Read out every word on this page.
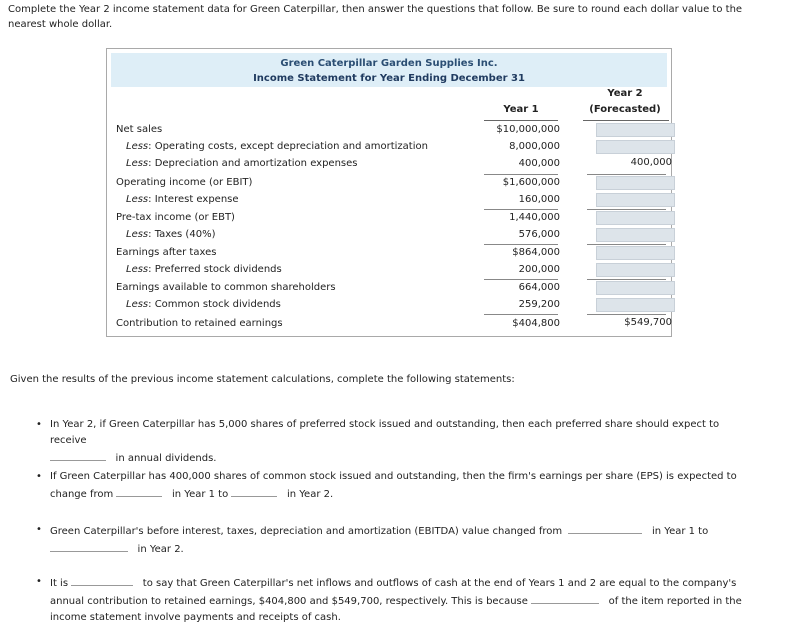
Complete the Year 2 income statement data for Green Caterpillar, then answer the questions that follow. Be sure to round each dollar value to the nearest whole dollar.
Green Caterpillar Garden Supplies Inc.
Income Statement for Year Ending December 31
Year 1
Year 2
(Forecasted)
Net sales	$10,000,000
Less: Operating costs, except depreciation and amortization	8,000,000
Less: Depreciation and amortization expenses	400,000	400,000
Operating income (or EBIT)	$1,600,000
Less: Interest expense	160,000
Pre-tax income (or EBT)	1,440,000
Less: Taxes (40%)	576,000
Earnings after taxes	$864,000
Less: Preferred stock dividends	200,000
Earnings available to common shareholders	664,000
Less: Common stock dividends	259,200
Contribution to retained earnings	$404,800	$549,700
Given the results of the previous income statement calculations, complete the following statements:
• In Year 2, if Green Caterpillar has 5,000 shares of preferred stock issued and outstanding, then each preferred share should expect to receive
in annual dividends.
• If Green Caterpillar has 400,000 shares of common stock issued and outstanding, then the firm's earnings per share (EPS) is expected to change from	in Year 1 to	in Year 2.
• Green Caterpillar's before interest, taxes, depreciation and amortization (EBITDA) value changed from	in Year 1 to
in Year 2.
• It is	to say that Green Caterpillar's net inflows and outflows of cash at the end of Years 1 and 2 are equal to the company's annual contribution to retained earnings, $404,800 and $549,700, respectively. This is because	of the item reported in the income statement involve payments and receipts of cash.
